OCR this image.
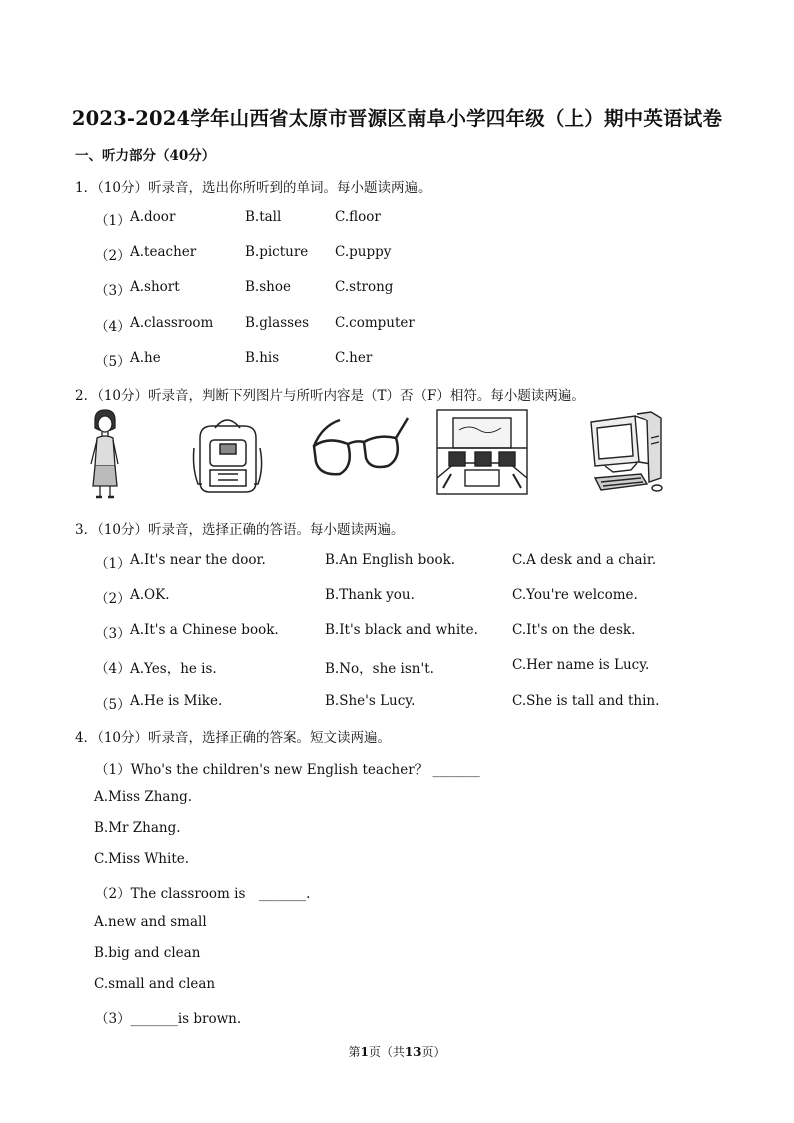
2023-2024学年山西省太原市晋源区南阜小学四年级（上）期中英语试卷
一、听力部分（40分）
1．（10分）听录音，选出你所听到的单词。每小题读两遍。
（1） A.door	B.tall	C.floor
（2） A.teacher	B.picture C.puppy
（3） A.short	B.shoe	C.strong
（4） A.classroom B.glasses C.computer
（5） A.he	B.his	C.her
2．（10分）听录音，判断下列图片与所听内容是（T）否（F）相符。每小题读两遍。
3．（10分）听录音，选择正确的答语。每小题读两遍。
（1） A.It's near the door.	B.An English book.	C.A desk and a chair.
（2） A.OK.	B.Thank you.	C.You're welcome.
（3） A.It's a Chinese book.	B.It's black and white.	C.It's on the desk.
（4） A.Yes，he is.	B.No，she isn't.	C.Her name is Lucy.
（5） A.He is Mike.	B.She's Lucy.	C.She is tall and thin.
4．（10分）听录音，选择正确的答案。短文读两遍。
（1）Who's the children's new English teacher？ _______
A.Miss Zhang.
B.Mr Zhang.
C.Miss White.
（2）The classroom is　_______.
A.new and small
B.big and clean
C.small and clean
（3）_______is brown.
第1页（共13页）
